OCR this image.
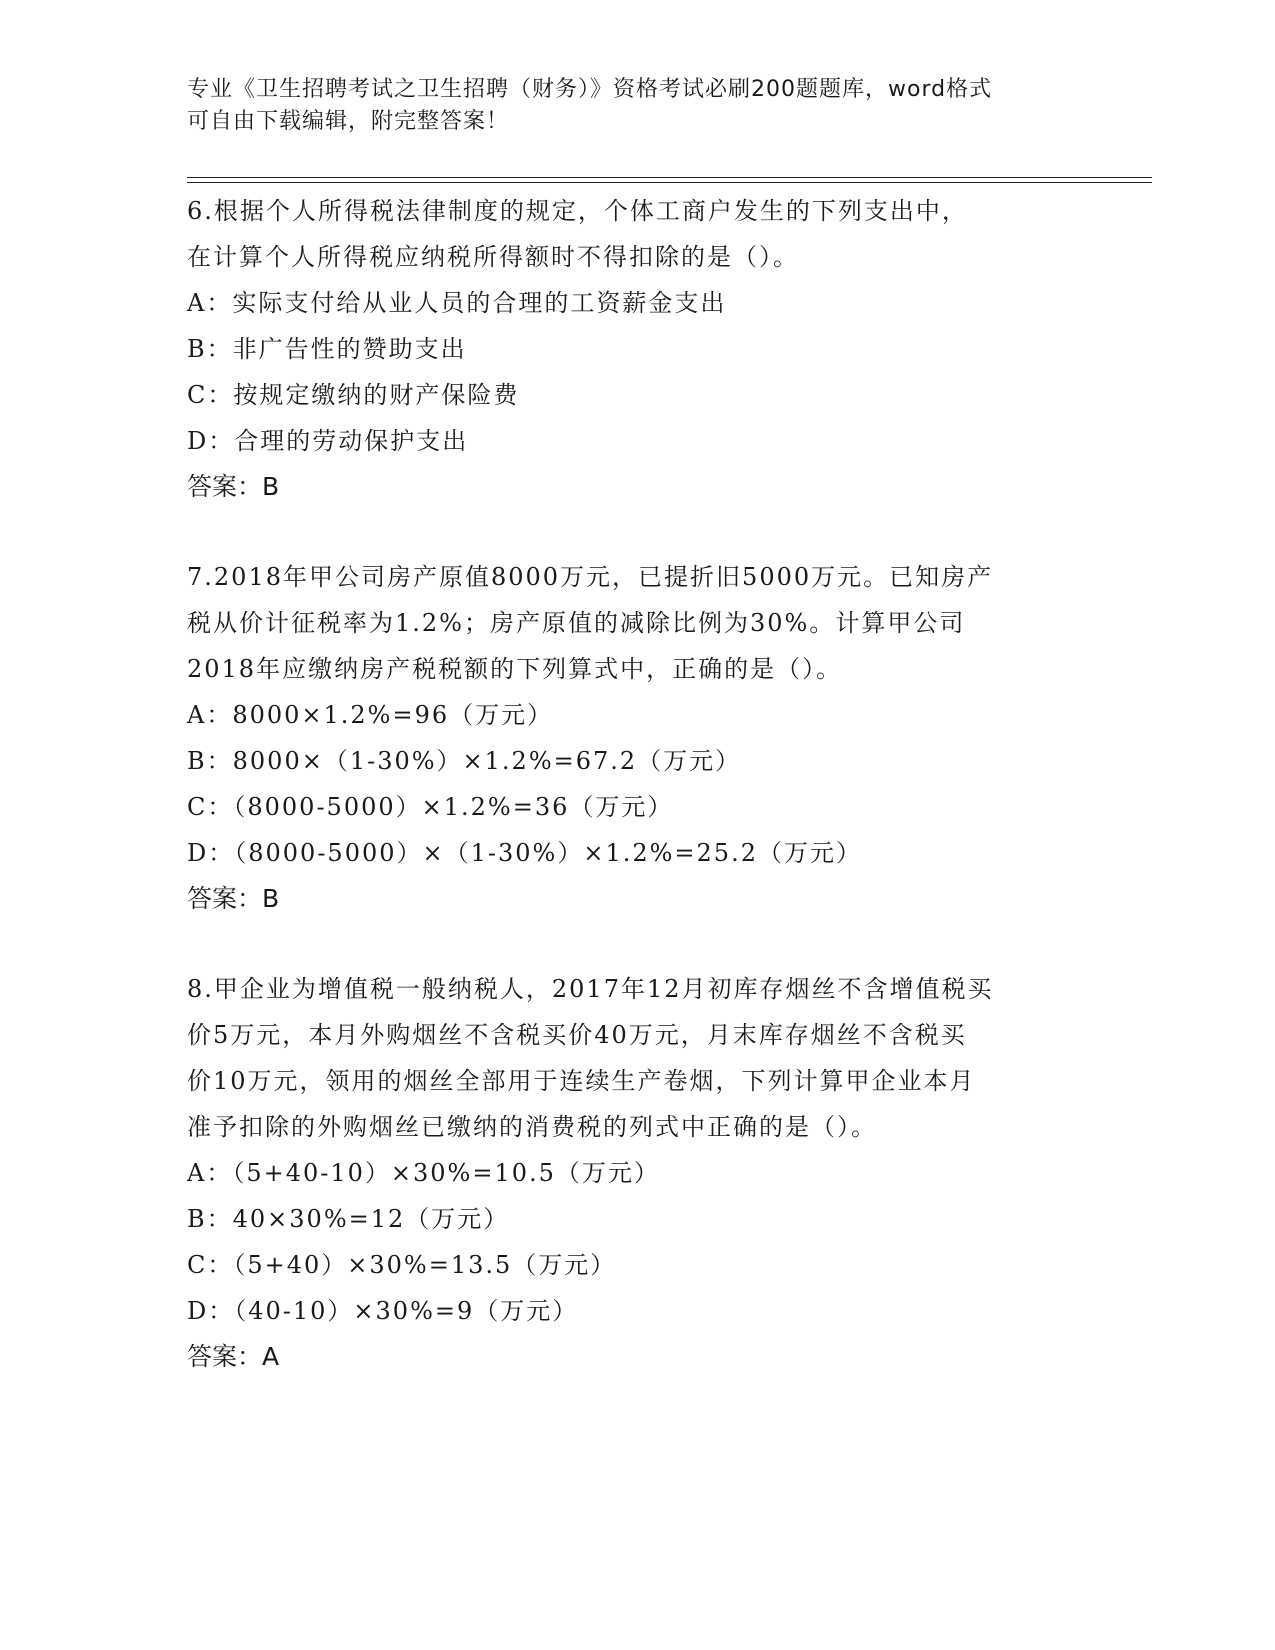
专业《卫生招聘考试之卫生招聘（财务）》资格考试必刷200题题库，word格式
可自由下载编辑，附完整答案！

6.根据个人所得税法律制度的规定，个体工商户发生的下列支出中，

在计算个人所得税应纳税所得额时不得扣除的是（）。

A：实际支付给从业人员的合理的工资薪金支出

B：非广告性的赞助支出

C：按规定缴纳的财产保险费

D：合理的劳动保护支出

答案：B

7.2018年甲公司房产原值8000万元，已提折旧5000万元。已知房产

税从价计征税率为1.2%；房产原值的减除比例为30%。计算甲公司

2018年应缴纳房产税税额的下列算式中，正确的是（）。

A：8000×1.2%=96（万元）

B：8000×（1-30%）×1.2%=67.2（万元）

C：（8000-5000）×1.2%=36（万元）

D：（8000-5000）×（1-30%）×1.2%=25.2（万元）

答案：B

8.甲企业为增值税一般纳税人，2017年12月初库存烟丝不含增值税买

价5万元，本月外购烟丝不含税买价40万元，月末库存烟丝不含税买

价10万元，领用的烟丝全部用于连续生产卷烟，下列计算甲企业本月

准予扣除的外购烟丝已缴纳的消费税的列式中正确的是（）。

A：（5+40-10）×30%=10.5（万元）

B：40×30%=12（万元）

C：（5+40）×30%=13.5（万元）

D：（40-10）×30%=9（万元）

答案：A
